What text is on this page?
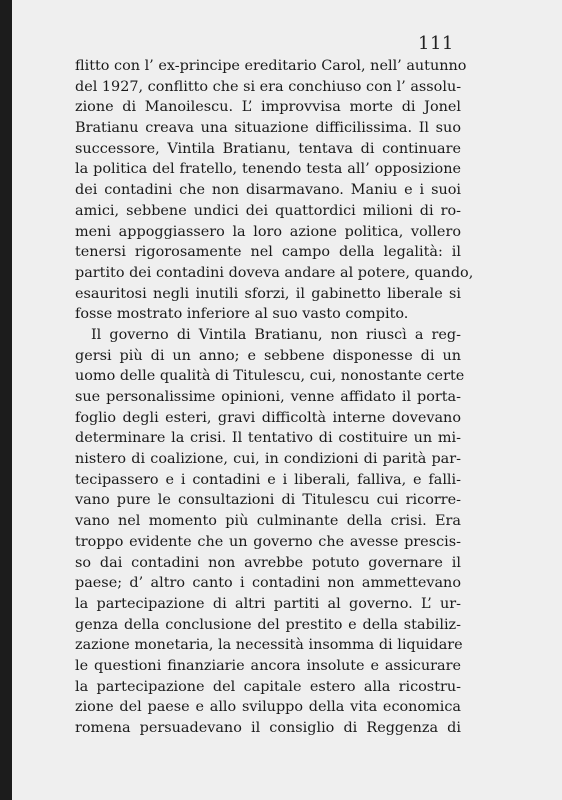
111
flitto con l’ ex-principe ereditario Carol, nell’ autunno
del 1927, conflitto che si era conchiuso con l’ assolu-
zione di Manoilescu. L’ improvvisa morte di Jonel
Bratianu creava una situazione difficilissima. Il suo
successore, Vintila Bratianu, tentava di continuare
la politica del fratello, tenendo testa all’ opposizione
dei contadini che non disarmavano. Maniu e i suoi
amici, sebbene undici dei quattordici milioni di ro-
meni appoggiassero la loro azione politica, vollero
tenersi rigorosamente nel campo della legalità: il
partito dei contadini doveva andare al potere, quando,
esauritosi negli inutili sforzi, il gabinetto liberale si
fosse mostrato inferiore al suo vasto compito.
Il governo di Vintila Bratianu, non riuscì a reg-
gersi più di un anno; e sebbene disponesse di un
uomo delle qualità di Titulescu, cui, nonostante certe
sue personalissime opinioni, venne affidato il porta-
foglio degli esteri, gravi difficoltà interne dovevano
determinare la crisi. Il tentativo di costituire un mi-
nistero di coalizione, cui, in condizioni di parità par-
tecipassero e i contadini e i liberali, falliva, e falli-
vano pure le consultazioni di Titulescu cui ricorre-
vano nel momento più culminante della crisi. Era
troppo evidente che un governo che avesse prescis-
so dai contadini non avrebbe potuto governare il
paese; d’ altro canto i contadini non ammettevano
la partecipazione di altri partiti al governo. L’ ur-
genza della conclusione del prestito e della stabiliz-
zazione monetaria, la necessità insomma di liquidare
le questioni finanziarie ancora insolute e assicurare
la partecipazione del capitale estero alla ricostru-
zione del paese e allo sviluppo della vita economica
romena persuadevano il consiglio di Reggenza di
